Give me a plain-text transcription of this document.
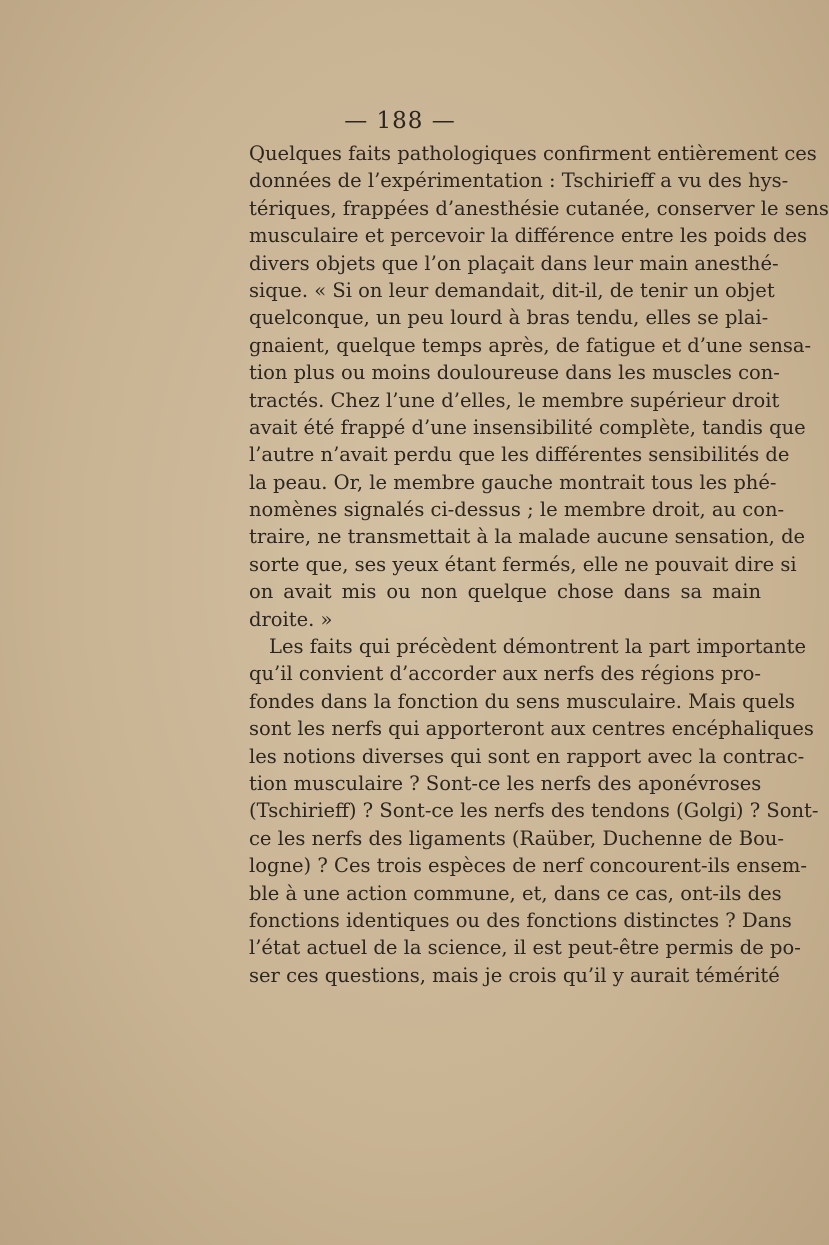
— 188 —
Quelques faits pathologiques confirment entièrement ces
données de l’expérimentation : Tschirieff a vu des hys-
tériques, frappées d’anesthésie cutanée, conserver le sens
musculaire et percevoir la différence entre les poids des
divers objets que l’on plaçait dans leur main anesthé-
sique. « Si on leur demandait, dit-il, de tenir un objet
quelconque, un peu lourd à bras tendu, elles se plai-
gnaient, quelque temps après, de fatigue et d’une sensa-
tion plus ou moins douloureuse dans les muscles con-
tractés. Chez l’une d’elles, le membre supérieur droit
avait été frappé d’une insensibilité complète, tandis que
l’autre n’avait perdu que les différentes sensibilités de
la peau. Or, le membre gauche montrait tous les phé-
nomènes signalés ci-dessus ; le membre droit, au con-
traire, ne transmettait à la malade aucune sensation, de
sorte que, ses yeux étant fermés, elle ne pouvait dire si
on avait mis ou non quelque chose dans sa main
droite. »
Les faits qui précèdent démontrent la part importante
qu’il convient d’accorder aux nerfs des régions pro-
fondes dans la fonction du sens musculaire. Mais quels
sont les nerfs qui apporteront aux centres encéphaliques
les notions diverses qui sont en rapport avec la contrac-
tion musculaire ? Sont-ce les nerfs des aponévroses
(Tschirieff) ? Sont-ce les nerfs des tendons (Golgi) ? Sont-
ce les nerfs des ligaments (Raüber, Duchenne de Bou-
logne) ? Ces trois espèces de nerf concourent-ils ensem-
ble à une action commune, et, dans ce cas, ont-ils des
fonctions identiques ou des fonctions distinctes ? Dans
l’état actuel de la science, il est peut-être permis de po-
ser ces questions, mais je crois qu’il y aurait témérité
